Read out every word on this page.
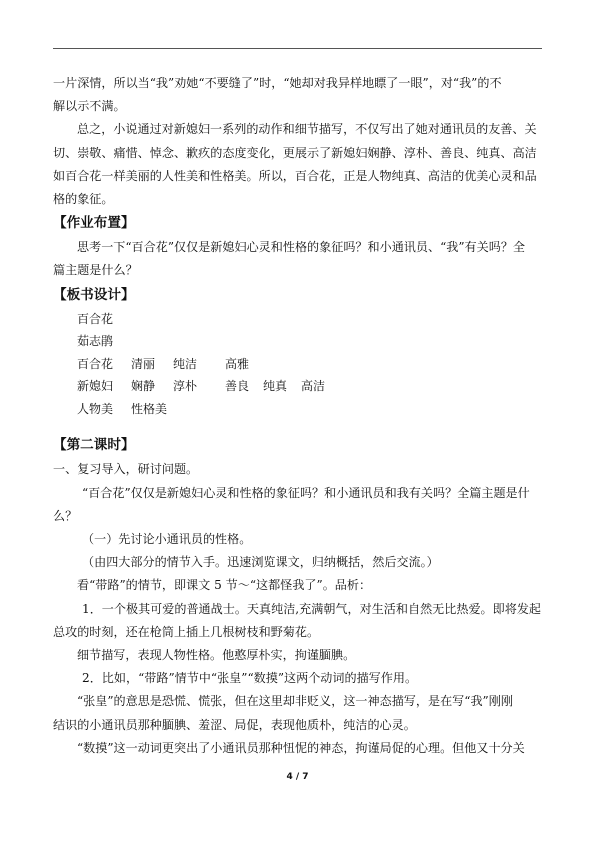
一片深情，所以当“我”劝她“不要缝了”时，“她却对我异样地瞟了一眼”，对“我”的不
解以示不满。
总之，小说通过对新媳妇一系列的动作和细节描写，不仅写出了她对通讯员的友善、关
切、崇敬、痛惜、悼念、歉疚的态度变化，更展示了新媳妇娴静、淳朴、善良、纯真、高洁
如百合花一样美丽的人性美和性格美。所以，百合花，正是人物纯真、高洁的优美心灵和品
格的象征。
【作业布置】
思考一下“百合花”仅仅是新媳妇心灵和性格的象征吗？和小通讯员、“我”有关吗？全
篇主题是什么？
【板书设计】
百合花
茹志鹃
百合花 清丽 纯洁 高雅
新媳妇 娴静 淳朴 善良 纯真 高洁
人物美 性格美
【第二课时】
一、复习导入，研讨问题。
“百合花”仅仅是新媳妇心灵和性格的象征吗？和小通讯员和我有关吗？全篇主题是什
么？
（一）先讨论小通讯员的性格。
（由四大部分的情节入手。迅速浏览课文，归纳概括，然后交流。）
看“带路”的情节，即课文 5 节～“这都怪我了”。品析：
1．一个极其可爱的普通战士。天真纯洁,充满朝气，对生活和自然无比热爱。即将发起
总攻的时刻，还在枪筒上插上几根树枝和野菊花。
细节描写，表现人物性格。他憨厚朴实，拘谨腼腆。
2．比如，“带路”情节中“张皇”“数摸”这两个动词的描写作用。
“张皇”的意思是恐慌、慌张，但在这里却非贬义，这一神态描写，是在写“我”刚刚
结识的小通讯员那种腼腆、羞涩、局促，表现他质朴，纯洁的心灵。
“数摸”这一动词更突出了小通讯员那种忸怩的神态，拘谨局促的心理。但他又十分关
4 / 7
